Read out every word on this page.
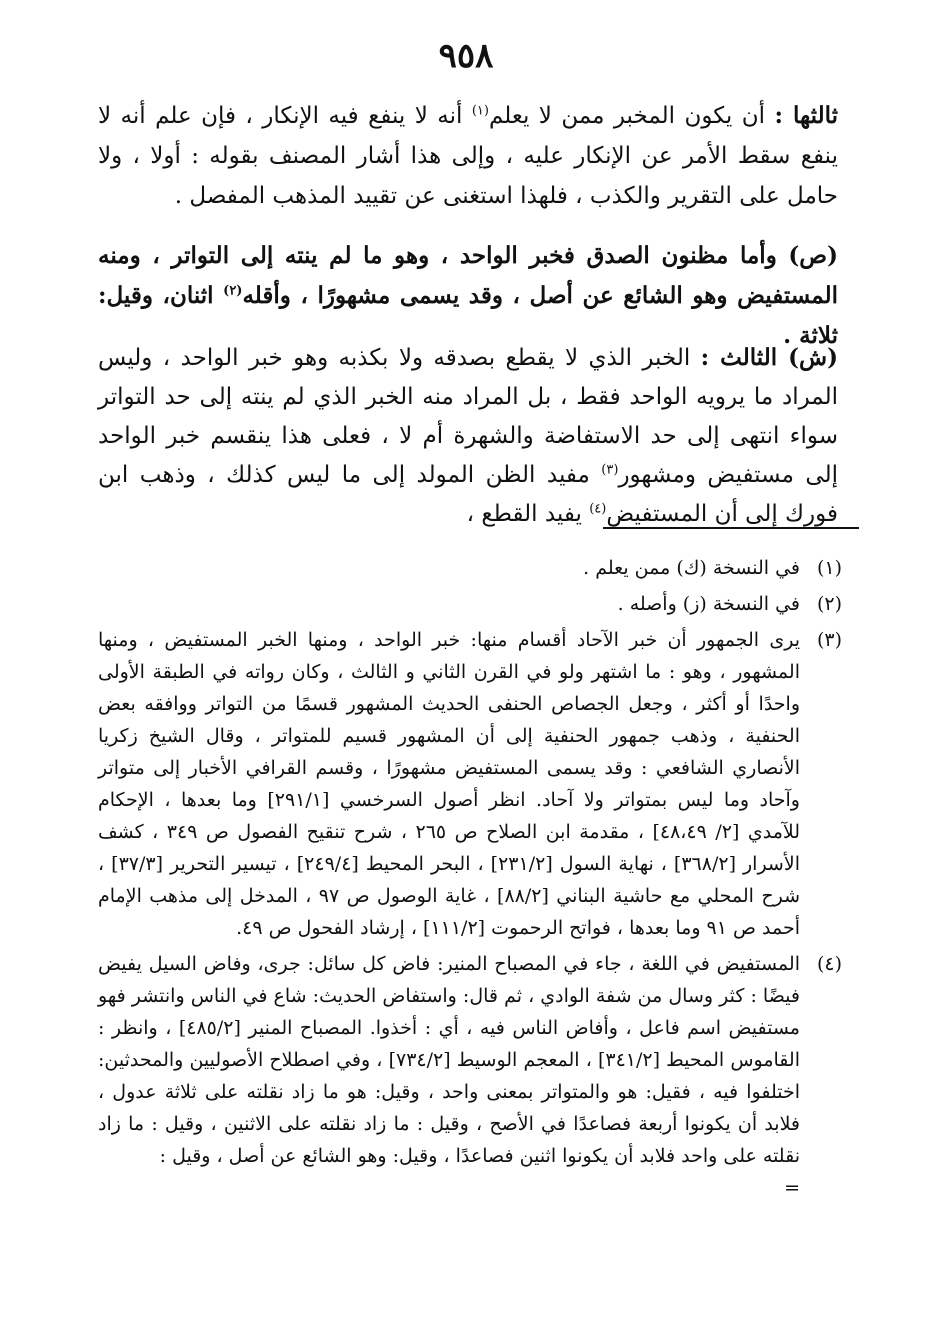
٩٥٨
ثالثها : أن يكون المخبر ممن لا يعلم$^{(١)}$ أنه لا ينفع فيه الإنكار ، فإن علم أنه لا ينفع سقط الأمر عن الإنكار عليه ، وإلى هذا أشار المصنف بقوله : أولا ، ولا حامل على التقرير والكذب ، فلهذا استغنى عن تقييد المذهب المفصل .
(ص) وأما مظنون الصدق فخبر الواحد ، وهو ما لم ينته إلى التواتر ، ومنه المستفيض وهو الشائع عن أصل ، وقد يسمى مشهورًا ، وأقله$^{(٢)}$ اثنان، وقيل: ثلاثة .
(ش) الثالث : الخبر الذي لا يقطع بصدقه ولا بكذبه وهو خبر الواحد ، وليس المراد ما يرويه الواحد فقط ، بل المراد منه الخبر الذي لم ينته إلى حد التواتر سواء انتهى إلى حد الاستفاضة والشهرة أم لا ، فعلى هذا ينقسم خبر الواحد إلى مستفيض ومشهور$^{(٣)}$ مفيد الظن المولد إلى ما ليس كذلك ، وذهب ابن فورك إلى أن المستفيض$^{(٤)}$ يفيد القطع ،
(١)
في النسخة (ك) ممن يعلم .
(٢)
في النسخة (ز) وأصله .
(٣)
يرى الجمهور أن خبر الآحاد أقسام منها: خبر الواحد ، ومنها الخبر المستفيض ، ومنها المشهور ، وهو : ما اشتهر ولو في القرن الثاني و الثالث ، وكان رواته في الطبقة الأولى واحدًا أو أكثر ، وجعل الجصاص الحنفى الحديث المشهور قسمًا من التواتر ووافقه بعض الحنفية ، وذهب جمهور الحنفية إلى أن المشهور قسيم للمتواتر ، وقال الشيخ زكريا الأنصاري الشافعي : وقد يسمى المستفيض مشهورًا ، وقسم القرافي الأخبار إلى متواتر وآحاد وما ليس بمتواتر ولا آحاد. انظر أصول السرخسي [٢٩١/١] وما بعدها ، الإحكام للآمدي [٢/ ٤٨،٤٩] ، مقدمة ابن الصلاح ص ٢٦٥ ، شرح تنقيح الفصول ص ٣٤٩ ، كشف الأسرار [٣٦٨/٢] ، نهاية السول [٢٣١/٢] ، البحر المحيط [٢٤٩/٤] ، تيسير التحرير [٣٧/٣] ، شرح المحلي مع حاشية البناني [٨٨/٢] ، غاية الوصول ص ٩٧ ، المدخل إلى مذهب الإمام أحمد ص ٩١ وما بعدها ، فواتح الرحموت [١١١/٢] ، إرشاد الفحول ص ٤٩.
(٤)
المستفيض في اللغة ، جاء في المصباح المنير: فاض كل سائل: جرى، وفاض السيل يفيض فيضًا : كثر وسال من شفة الوادي ، ثم قال: واستفاض الحديث: شاع في الناس وانتشر فهو مستفيض اسم فاعل ، وأفاض الناس فيه ، أي : أخذوا. المصباح المنير [٤٨٥/٢] ، وانظر : القاموس المحيط [٣٤١/٢] ، المعجم الوسيط [٧٣٤/٢] ، وفي اصطلاح الأصوليين والمحدثين: اختلفوا فيه ، فقيل: هو والمتواتر بمعنى واحد ، وقيل: هو ما زاد نقلته على ثلاثة عدول ، فلابد أن يكونوا أربعة فصاعدًا في الأصح ، وقيل : ما زاد نقلته على الاثنين ، وقيل : ما زاد نقلته على واحد فلابد أن يكونوا اثنين فصاعدًا ، وقيل: وهو الشائع عن أصل ، وقيل :
=
